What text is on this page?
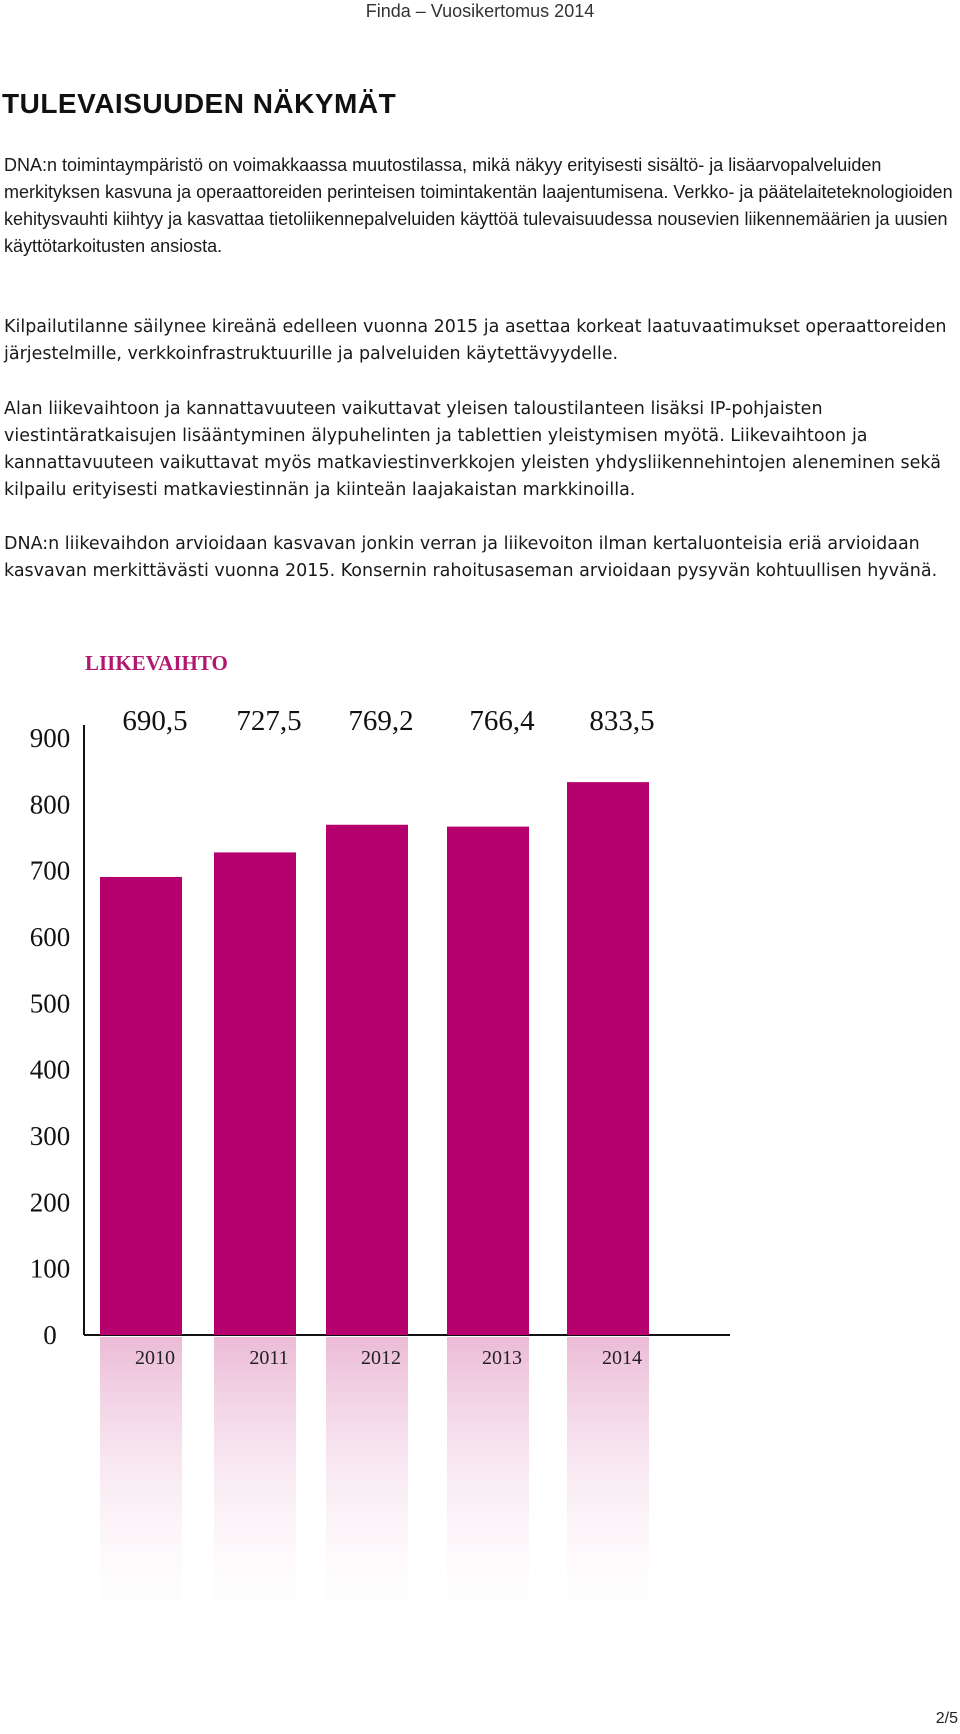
Finda – Vuosikertomus 2014
TULEVAISUUDEN NÄKYMÄT

DNA:n toimintaympäristö on voimakkaassa muutostilassa, mikä näkyy erityisesti sisältö- ja lisäarvopalveluiden merkityksen kasvuna ja operaattoreiden perinteisen toimintakentän laajentumisena. Verkko- ja päätelaiteteknologioiden kehitysvauhti kiihtyy ja kasvattaa tietoliikennepalveluiden käyttöä tulevaisuudessa nousevien liikennemäärien ja uusien käyttötarkoitusten ansiosta.

Kilpailutilanne säilynee kireänä edelleen vuonna 2015 ja asettaa korkeat laatuvaatimukset operaattoreiden järjestelmille, verkkoinfrastruktuurille ja palveluiden käytettävyydelle.

Alan liikevaihtoon ja kannattavuuteen vaikuttavat yleisen taloustilanteen lisäksi IP-pohjaisten viestintäratkaisujen lisääntyminen älypuhelinten ja tablettien yleistymisen myötä. Liikevaihtoon ja kannattavuuteen vaikuttavat myös matkaviestinverkkojen yleisten yhdysliikennehintojen aleneminen sekä kilpailu erityisesti matkaviestinnän ja kiinteän laajakaistan markkinoilla.

DNA:n liikevaihdon arvioidaan kasvavan jonkin verran ja liikevoiton ilman kertaluonteisia eriä arvioidaan kasvavan merkittävästi vuonna 2015. Konsernin rahoitusaseman arvioidaan pysyvän kohtuullisen hyvänä.

LIIKEVAIHTO
0
100
200
300
400
500
600
700
800
900
690,5 727,5 769,2 766,4 833,5
2010	2011	2012	2013	2014
2/5
